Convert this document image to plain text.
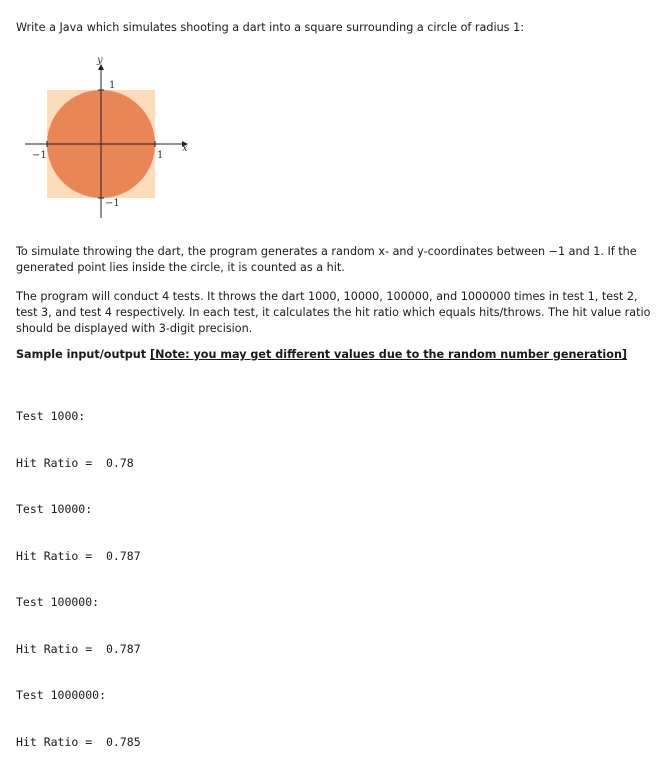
Write a Java which simulates shooting a dart into a square surrounding a circle of radius 1:

y
x
1
1
−1
−1

To simulate throwing the dart, the program generates a random x- and y-coordinates between −1 and 1. If the generated point lies inside the circle, it is counted as a hit.

The program will conduct 4 tests. It throws the dart 1000, 10000, 100000, and 1000000 times in test 1, test 2, test 3, and test 4 respectively. In each test, it calculates the hit ratio which equals hits/throws. The hit value ratio should be displayed with 3-digit precision.

Sample input/output [Note: you may get different values due to the random number generation]

Test 1000:

Hit Ratio =  0.78

Test 10000:

Hit Ratio =  0.787

Test 100000:

Hit Ratio =  0.787

Test 1000000:

Hit Ratio =  0.785
